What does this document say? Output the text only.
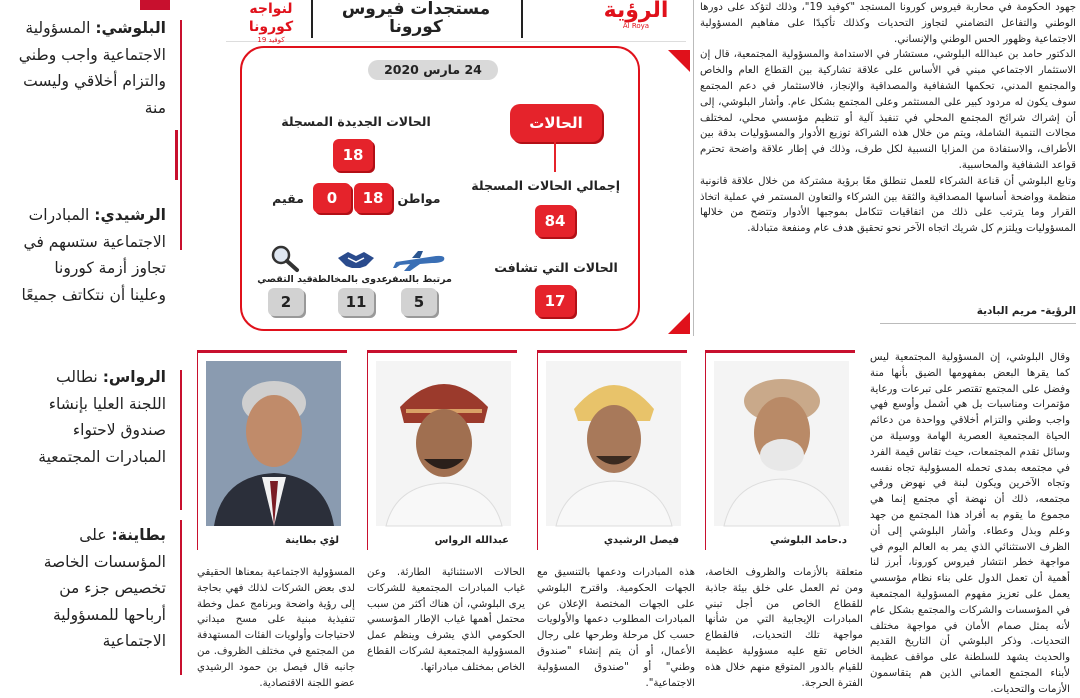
البلوشي: المسؤولية الاجتماعية واجب وطني والتزام أخلاقي وليست منة
الرشيدي: المبادرات الاجتماعية ستسهم في تجاوز أزمة كورونا وعلينا أن نتكاتف جميعًا
الرواس: نطالب اللجنة العليا بإنشاء صندوق لاحتواء المبادرات المجتمعية
بطاينة: على المؤسسات الخاصة تخصيص جزء من أرباحها للمسؤولية الاجتماعية
الرؤية
Al Roya
مستجدات فيروس كورونا
لنواجه كورونا
كوفيد 19
24 مارس 2020
الحالات
إجمالي الحالات المسجلة
84
الحالات التي تشافت
17
الحالات الجديدة المسجلة
18
مواطن
18
0
مقيم
مرتبط بالسفر
5
عدوى بالمخالطة
11
قيد التقصي
2

جهود الحكومة في محاربة فيروس كورونا المستجد "كوفيد 19"، وذلك لتؤكد على دورها الوطني والتفاعل التضامني لتجاوز التحديات وكذلك تأكيدًا على مفاهيم المسؤولية الاجتماعية وظهور الحس الوطني والإنساني.

الدكتور حامد بن عبدالله البلوشي، مستشار في الاستدامة والمسؤولية المجتمعية، قال إن الاستثمار الاجتماعي مبني في الأساس على علاقة تشاركية بين القطاع العام والخاص والمجتمع المدني، تحكمها الشفافية والمصداقية والإنجاز، فالاستثمار في دعم المجتمع سوف يكون له مردود كبير على المستثمر وعلى المجتمع بشكل عام. وأشار البلوشي، إلى أن إشراك شرائح المجتمع المحلي في تنفيذ آلية أو تنظيم مؤسسي محلي، لمختلف مجالات التنمية الشاملة، ويتم من خلال هذه الشراكة توزيع الأدوار والمسؤوليات بدقة بين الأطراف، والاستفادة من المزايا النسبية لكل طرف، وذلك في إطار علاقة واضحة تحترم قواعد الشفافية والمحاسبية.

وتابع البلوشي أن قناعة الشركاء للعمل تنطلق معًا برؤية مشتركة من خلال علاقة قانونية منظمة وواضحة أساسها المصداقية والثقة بين الشركاء والتعاون المستمر في عملية اتخاذ القرار وما يترتب على ذلك من اتفاقيات تتكامل بموجبها الأدوار وتتضح من خلالها المسؤوليات ويلتزم كل شريك اتجاه الآخر نحو تحقيق هدف عام ومنفعة متبادلة.

الرؤية- مريم البادية
وقال البلوشي، إن المسؤولية المجتمعية ليس كما يقرها البعض بمفهومها الضيق بأنها منة وفضل على المجتمع تقتصر على تبرعات ورعاية مؤتمرات ومناسبات بل هي أشمل وأوسع فهي واجب وطني والتزام أخلاقي وواحدة من دعائم الحياة المجتمعية العصرية الهامة ووسيلة من وسائل تقدم المجتمعات، حيث تقاس قيمة الفرد في مجتمعه بمدى تحمله المسؤولية تجاه نفسه وتجاه الآخرين ويكون لبنة في نهوض ورقي مجتمعه، ذلك أن نهضة أي مجتمع إنما هي مجموع ما يقوم به أفراد هذا المجتمع من جهد وعلم وبذل وعطاء. وأشار البلوشي إلى أن الظرف الاستثنائي الذي يمر به العالم اليوم في مواجهة خطر انتشار فيروس كورونا، أبرز لنا أهمية أن تعمل الدول على بناء نظام مؤسسي يعمل على تعزيز مفهوم المسؤولية المجتمعية في المؤسسات والشركات والمجتمع بشكل عام لأنه يمثل صمام الأمان في مواجهة مختلف التحديات. وذكر البلوشي أن التاريخ القديم والحديث يشهد للسلطنة على مواقف عظيمة لأبناء المجتمع العماني الذين هم يتقاسمون الأزمات والتحديات.
د.حامد البلوشي
فيصل الرشيدي
عبدالله الرواس
لؤي بطاينة
متعلقة بالأزمات والظروف الخاصة، ومن ثم العمل على خلق بيئة جاذبة للقطاع الخاص من أجل تبني المبادرات الإيجابية التي من شأنها مواجهة تلك التحديات، فالقطاع الخاص تقع عليه مسؤولية عظيمة للقيام بالدور المتوقع منهم خلال هذه الفترة الحرجة.
هذه المبادرات ودعمها بالتنسيق مع الجهات الحكومية. واقترح البلوشي على الجهات المختصة الإعلان عن المبادرات المطلوب دعمها والأولويات حسب كل مرحلة وطرحها على رجال الأعمال، أو أن يتم إنشاء "صندوق وطني" أو "صندوق المسؤولية الاجتماعية".
الحالات الاستثنائية الطارئة. وعن غياب المبادرات المجتمعية للشركات يرى البلوشي، أن هناك أكثر من سبب محتمل أهمها غياب الإطار المؤسسي الحكومي الذي يشرف وينظم عمل المسؤولية المجتمعية لشركات القطاع الخاص بمختلف مبادراتها.
المسؤولية الاجتماعية بمعناها الحقيقي لدى بعض الشركات لذلك فهي بحاجة إلى رؤية واضحة وبرنامج عمل وخطة تنفيذية مبنية على مسح ميداني لاحتياجات وأولويات الفئات المستهدفة من المجتمع في مختلف الظروف. من جانبه قال فيصل بن حمود الرشيدي عضو اللجنة الاقتصادية.
